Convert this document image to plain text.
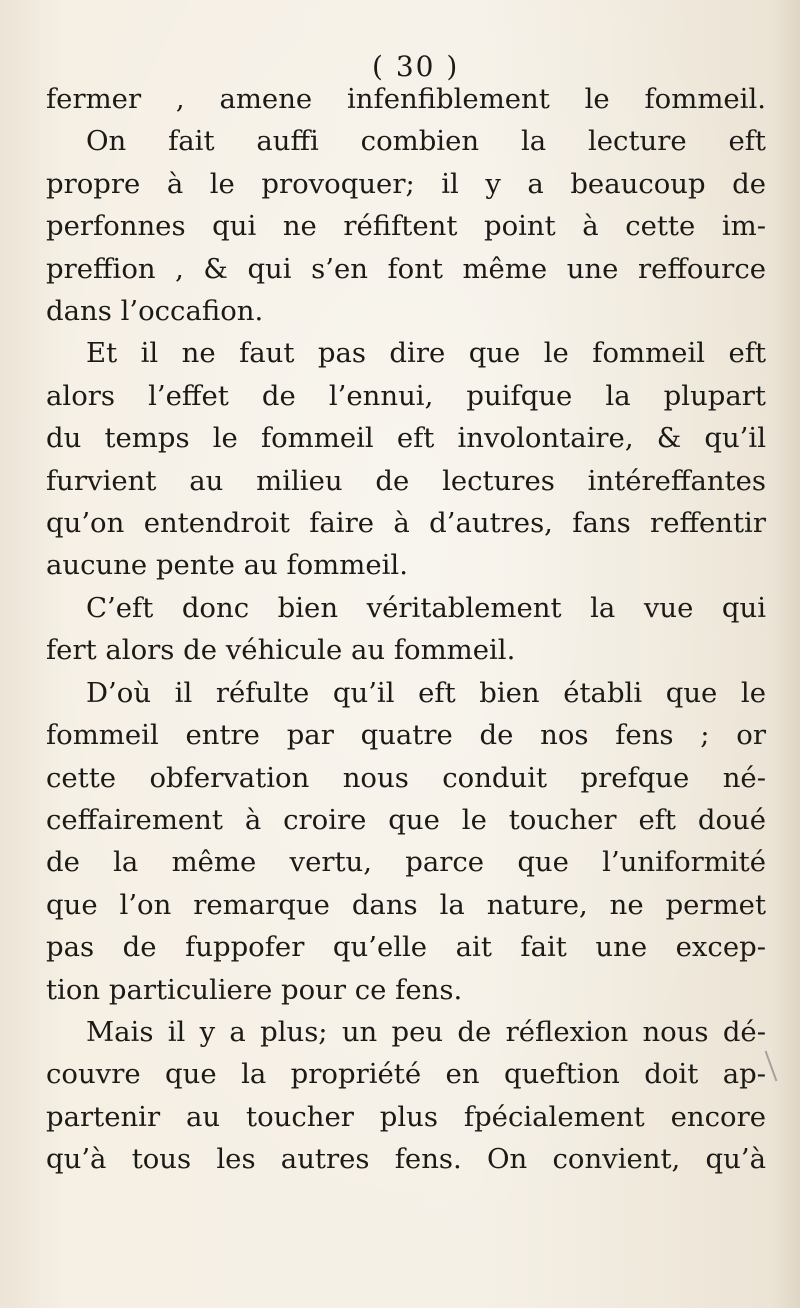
( 30 )
fermer , amene infenfiblement le fommeil.
On fait auffi combien la lecture eft
propre à le provoquer; il y a beaucoup de
perfonnes qui ne réfiftent point à cette im-
preffion , & qui s’en font même une reffource
dans l’occafion.
Et il ne faut pas dire que le fommeil eft
alors l’effet de l’ennui, puifque la plupart
du temps le fommeil eft involontaire, & qu’il
furvient au milieu de lectures intéreffantes
qu’on entendroit faire à d’autres, fans reffentir
aucune pente au fommeil.
C’eft donc bien véritablement la vue qui
fert alors de véhicule au fommeil.
D’où il réfulte qu’il eft bien établi que le
fommeil entre par quatre de nos fens ; or
cette obfervation nous conduit prefque né-
ceffairement à croire que le toucher eft doué
de la même vertu, parce que l’uniformité
que l’on remarque dans la nature, ne permet
pas de fuppofer qu’elle ait fait une excep-
tion particuliere pour ce fens.
Mais il y a plus; un peu de réflexion nous dé-
couvre que la propriété en queftion doit ap-
partenir au toucher plus fpécialement encore
qu’à tous les autres fens. On convient, qu’à
